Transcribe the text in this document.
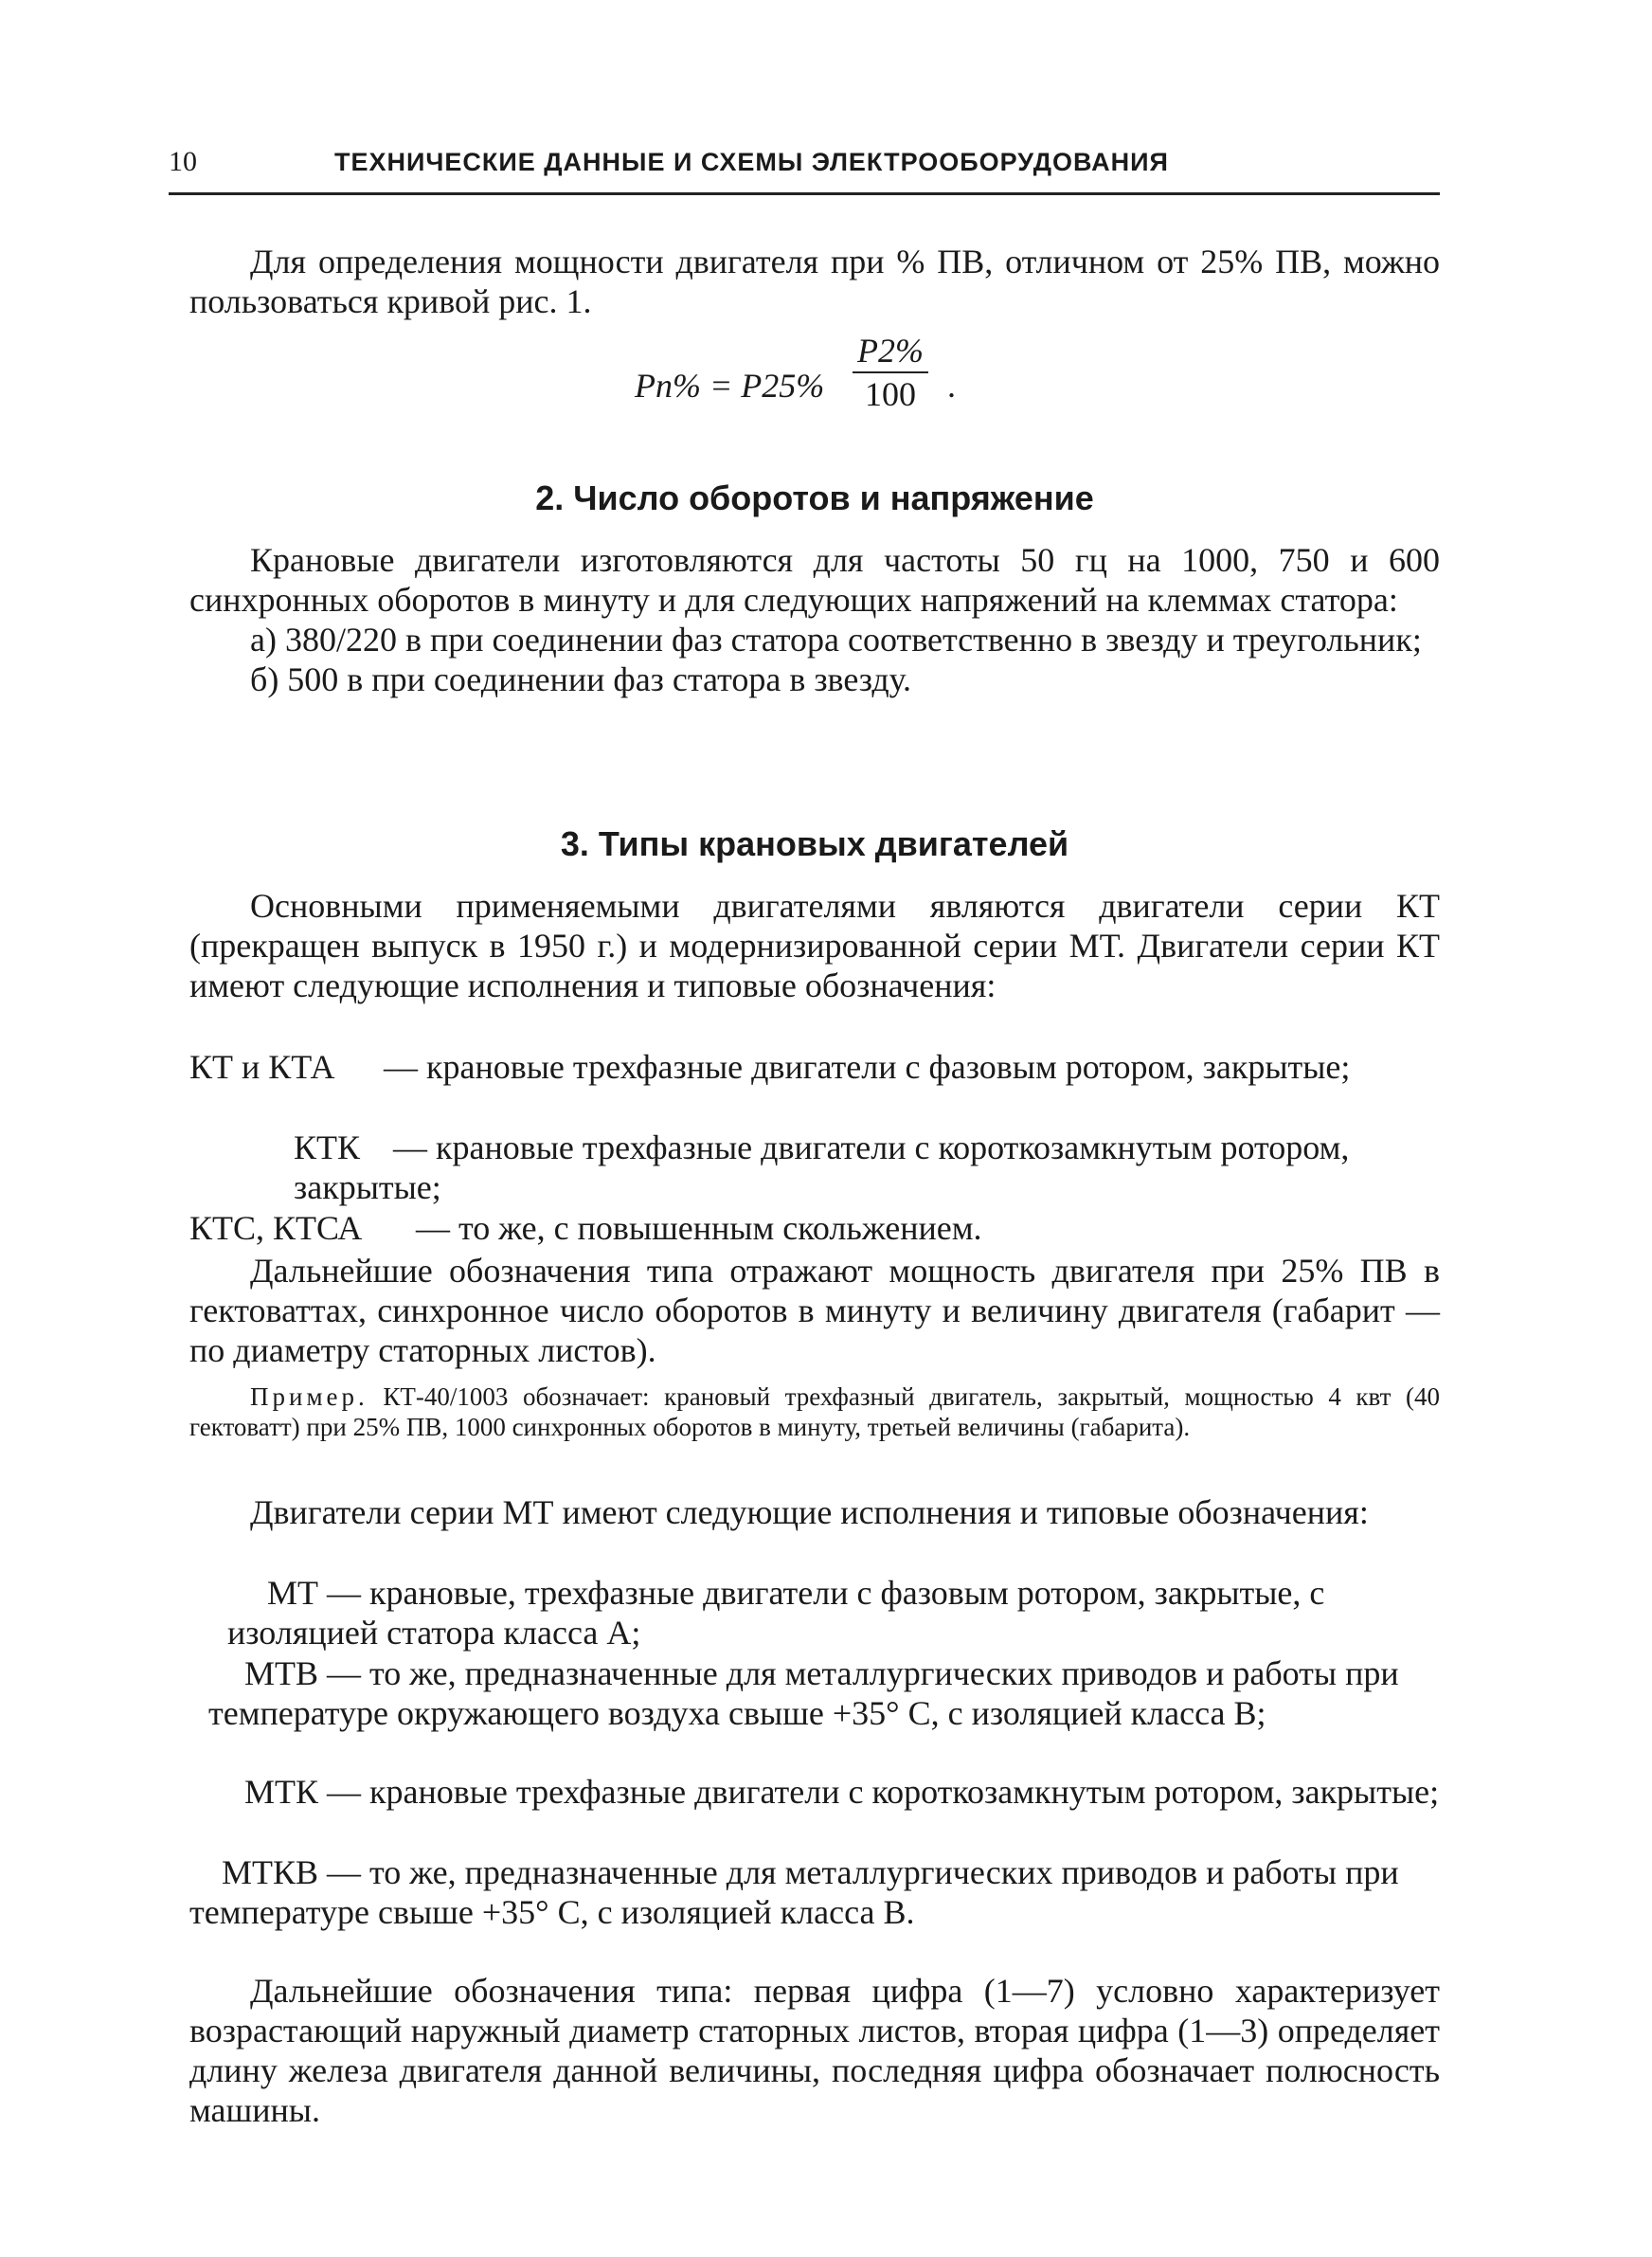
10	ТЕХНИЧЕСКИЕ ДАННЫЕ И СХЕМЫ ЭЛЕКТРООБОРУДОВАНИЯ

Для определения мощности двигателя при % ПВ, отличном от 25% ПВ, можно пользоваться кривой рис. 1.

Pn% = P25%
P2%
100 .
2. Число оборотов и напряжение

Крановые двигатели изготовляются для частоты 50 гц на 1000, 750 и 600 синхронных оборотов в минуту и для следующих напряжений на клеммах статора:

а) 380/220 в при соединении фаз статора соответственно в звезду и треугольник;

б) 500 в при соединении фаз статора в звезду.

3. Типы крановых двигателей

Основными применяемыми двигателями являются двигатели серии КТ (прекращен выпуск в 1950 г.) и модернизированной серии МТ. Двигатели серии КТ имеют следующие исполнения и типовые обозначения:

КТ и КТА — крановые трехфазные двигатели с фазовым ротором, закрытые;
КТК — крановые трехфазные двигатели с короткозамкнутым ротором, закрытые;
КТС, КТСА — то же, с повышенным скольжением.

Дальнейшие обозначения типа отражают мощность двигателя при 25% ПВ в гектоваттах, синхронное число оборотов в минуту и величину двигателя (габарит — по диаметру статорных листов).

Пример. КТ-40/1003 обозначает: крановый трехфазный двигатель, закрытый, мощностью 4 квт (40 гектоватт) при 25% ПВ, 1000 синхронных оборотов в минуту, третьей величины (габарита).

Двигатели серии МТ имеют следующие исполнения и типовые обозначения:

МТ — крановые, трехфазные двигатели с фазовым ротором, закрытые, с изоляцией статора класса А;
МТВ — то же, предназначенные для металлургических приводов и работы при температуре окружающего воздуха свыше +35° С, с изоляцией класса В;
МТК — крановые трехфазные двигатели с короткозамкнутым ротором, закрытые;
МТКВ — то же, предназначенные для металлургических приводов и работы при температуре свыше +35° С, с изоляцией класса В.

Дальнейшие обозначения типа: первая цифра (1—7) условно характеризует возрастающий наружный диаметр статорных листов, вторая цифра (1—3) определяет длину железа двигателя данной величины, последняя цифра обозначает полюсность машины.
